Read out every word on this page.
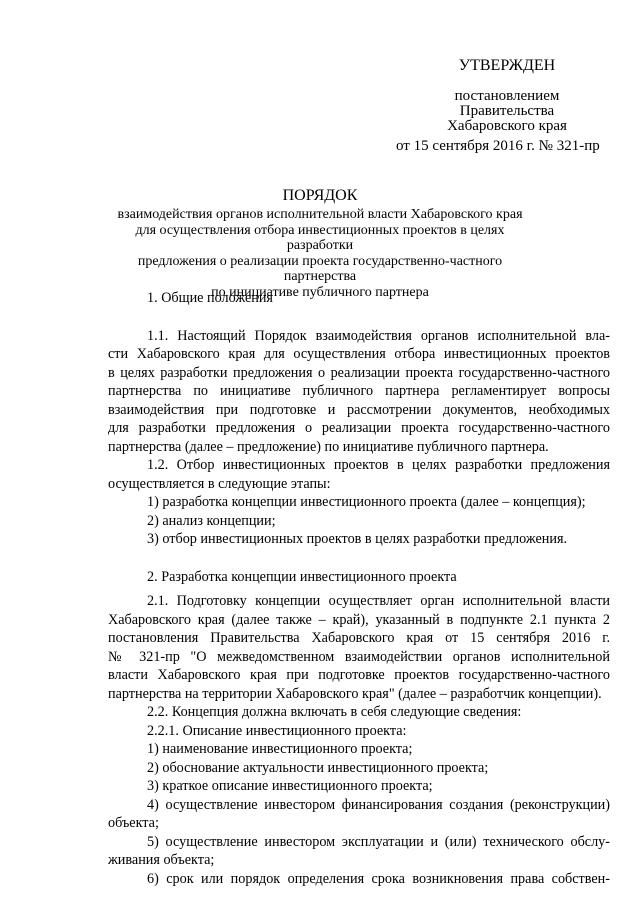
УТВЕРЖДЕН
постановлением
Правительства
Хабаровского края
от 15 сентября 2016 г. № 321-пр
ПОРЯДОК
взаимодействия органов исполнительной власти Хабаровского края
для осуществления отбора инвестиционных проектов в целях разработки
предложения о реализации проекта государственно-частного партнерства
по инициативе публичного партнера

1. Общие положения

1.1. Настоящий Порядок взаимодействия органов исполнительной вла-
сти Хабаровского края для осуществления отбора инвестиционных проектов
в целях разработки предложения о реализации проекта государственно-частного
партнерства по инициативе публичного партнера регламентирует вопросы
взаимодействия при подготовке и рассмотрении документов, необходимых
для разработки предложения о реализации проекта государственно-частного
партнерства (далее – предложение) по инициативе публичного партнера.
1.2. Отбор инвестиционных проектов в целях разработки предложения
осуществляется в следующие этапы:

1) разработка концепции инвестиционного проекта (далее – концепция);

2) анализ концепции;

3) отбор инвестиционных проектов в целях разработки предложения.

2. Разработка концепции инвестиционного проекта

2.1. Подготовку концепции осуществляет орган исполнительной власти
Хабаровского края (далее также – край), указанный в подпункте 2.1 пункта 2
постановления Правительства Хабаровского края от 15 сентября 2016 г.
№ 321-пр "О межведомственном взаимодействии органов исполнительной
власти Хабаровского края при подготовке проектов государственно-частного
партнерства на территории Хабаровского края" (далее – разработчик концепции).

2.2. Концепция должна включать в себя следующие сведения:

2.2.1. Описание инвестиционного проекта:

1) наименование инвестиционного проекта;

2) обоснование актуальности инвестиционного проекта;

3) краткое описание инвестиционного проекта;

4) осуществление инвестором финансирования создания (реконструкции)
объекта;
5) осуществление инвестором эксплуатации и (или) технического обслу-
живания объекта;
6) срок или порядок определения срока возникновения права собствен-
